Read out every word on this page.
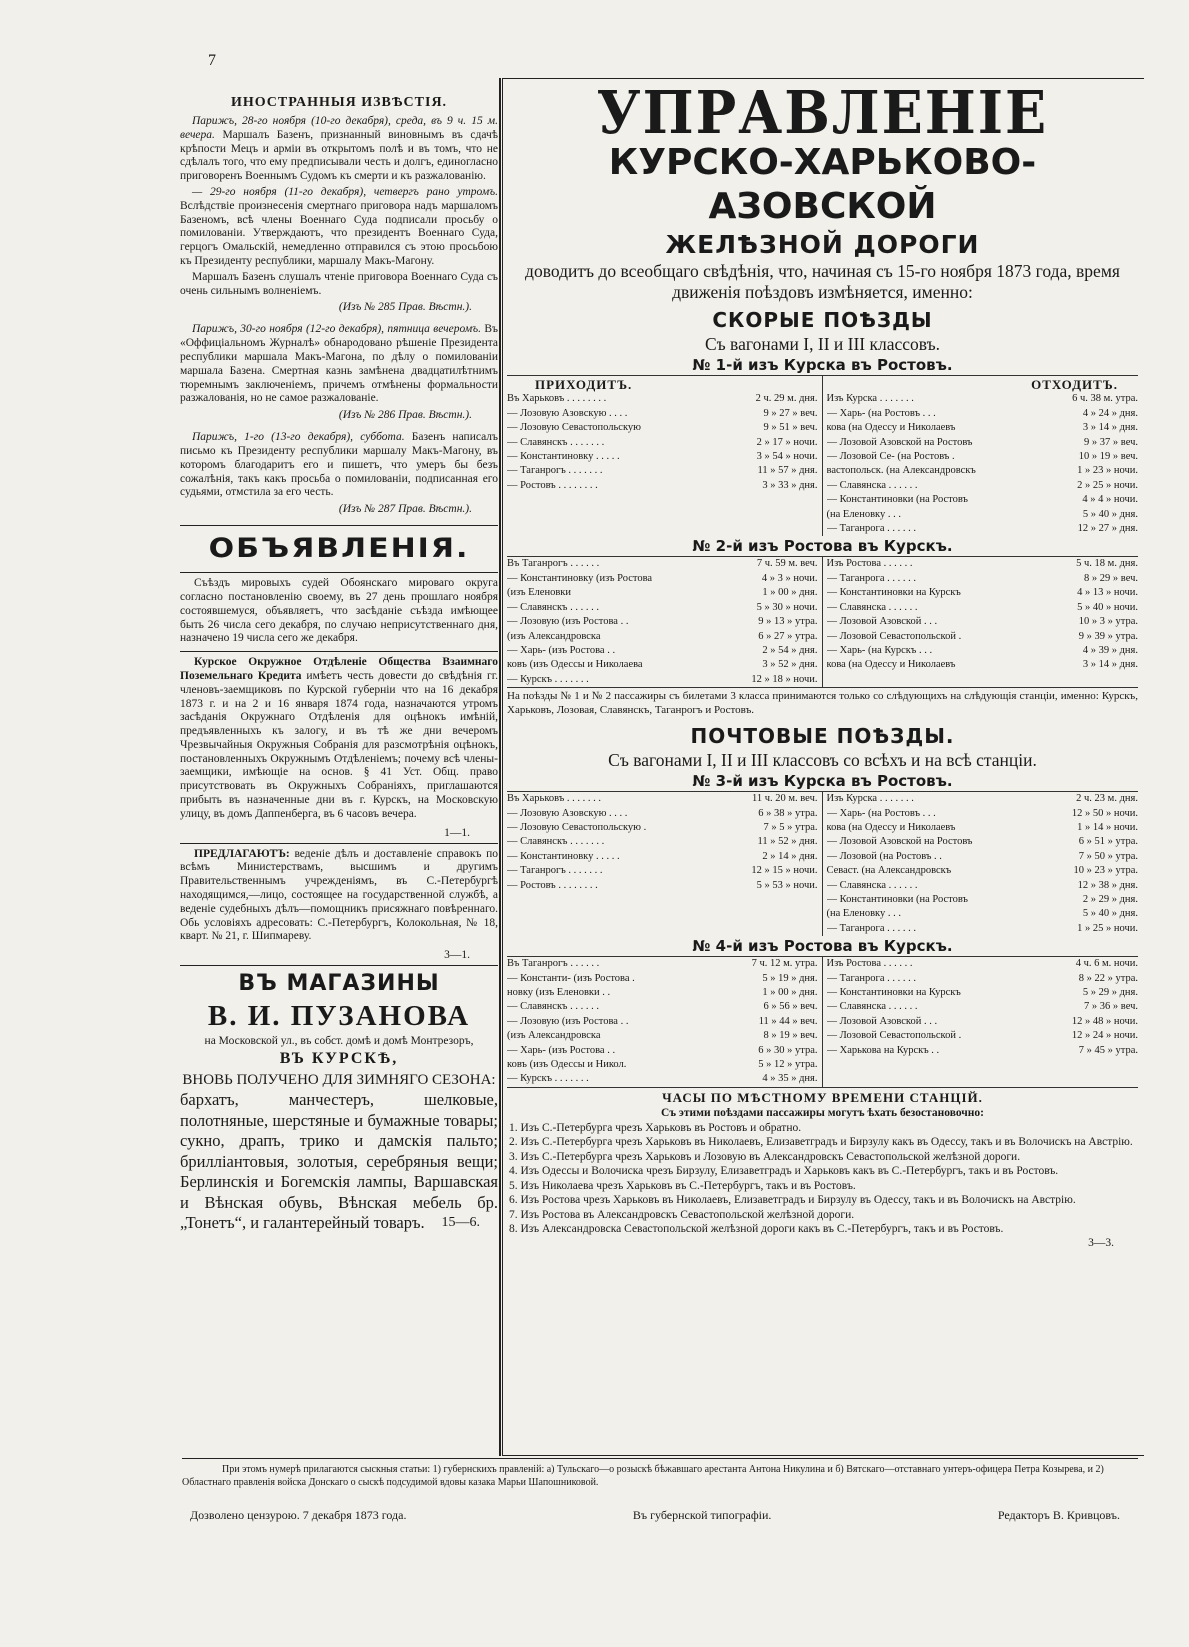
7
ИНОСТРАННЫЯ ИЗВѢСТІЯ.

Парижъ, 28-го ноября (10-го декабря), среда, въ 9 ч. 15 м. вечера. Маршалъ Базенъ, признанный виновнымъ въ сдачѣ крѣпости Мецъ и арміи въ открытомъ полѣ и въ томъ, что не сдѣлалъ того, что ему предписывали честь и долгъ, единогласно приговоренъ Военнымъ Судомъ къ смерти и къ разжалованію.

— 29-го ноября (11-го декабря), четвергъ рано утромъ. Вслѣдствіе произнесенія смертнаго приговора надъ маршаломъ Базеномъ, всѣ члены Военнаго Суда подписали просьбу о помилованіи. Утверждаютъ, что президентъ Военнаго Суда, герцогъ Омальскій, немедленно отправился съ этою просьбою къ Президенту республики, маршалу Макъ-Магону.

Маршалъ Базенъ слушалъ чтеніе приговора Военнаго Суда съ очень сильнымъ волненіемъ.

(Изъ № 285 Прав. Вѣстн.).

Парижъ, 30-го ноября (12-го декабря), пятница вечеромъ. Въ «Оффиціальномъ Журналѣ» обнародовано рѣшеніе Президента республики маршала Макъ-Магона, по дѣлу о помилованіи маршала Базена. Смертная казнь замѣнена двадцатилѣтнимъ тюремнымъ заключеніемъ, причемъ отмѣнены формальности разжалованія, но не самое разжалованіе.

(Изъ № 286 Прав. Вѣстн.).

Парижъ, 1-го (13-го декабря), суббота. Базенъ написалъ письмо къ Президенту республики маршалу Макъ-Магону, въ которомъ благодаритъ его и пишетъ, что умеръ бы безъ сожалѣнія, такъ какъ просьба о помилованіи, подписанная его судьями, отмстила за его честь.

(Изъ № 287 Прав. Вѣстн.).
ОБЪЯВЛЕНІЯ.

Съѣздъ мировыхъ судей Обоянскаго мироваго округа согласно постановленію своему, въ 27 день прошлаго ноября состоявшемуся, объявляетъ, что засѣданіе съѣзда имѣющее быть 26 числа сего декабря, по случаю неприсутственнаго дня, назначено 19 числа сего же декабря.

Курское Окружное Отдѣленіе Общества Взаимнаго Поземельнаго Кредита имѣетъ честь довести до свѣдѣнія гг. членовъ-заемщиковъ по Курской губерніи что на 16 декабря 1873 г. и на 2 и 16 января 1874 года, назначаются утромъ засѣданія Окружнаго Отдѣленія для оцѣнокъ имѣній, предъявленныхъ къ залогу, и въ тѣ же дни вечеромъ Чрезвычайныя Окружныя Собранія для разсмотрѣнія оцѣнокъ, постановленныхъ Окружнымъ Отдѣленіемъ; почему всѣ члены-заемщики, имѣющіе на основ. § 41 Уст. Общ. право присутствовать въ Окружныхъ Собраніяхъ, приглашаются прибыть въ назначенные дни въ г. Курскъ, на Московскую улицу, въ домъ Даппенберга, въ 6 часовъ вечера.

1—1.

ПРЕДЛАГАЮТЪ: веденіе дѣлъ и доставленіе справокъ по всѣмъ Министерствамъ, высшимъ и другимъ Правительственнымъ учрежденіямъ, въ С.-Петербургѣ находящимся,—лицо, состоящее на государственной службѣ, а веденіе судебныхъ дѣлъ—помощникъ присяжнаго повѣреннаго. Обь условіяхъ адресовать: С.-Петербургъ, Колокольная, № 18, кварт. № 21, г. Шипмареву.

3—1.
ВЪ МАГАЗИНЫ
В. И. ПУЗАНОВА
на Московской ул., въ собст. домѣ и домѣ Монтрезоръ,
ВЪ КУРСКѢ,
ВНОВЬ ПОЛУЧЕНО ДЛЯ ЗИМНЯГО СЕЗОНА:
бархатъ, манчестеръ, шелковые, полотняные, шерстяные и бумажные товары; сукно, драпъ, трико и дамскія пальто; брилліантовыя, золотыя, серебряныя вещи; Берлинскія и Богемскія лампы, Варшавская и Вѣнская обувь, Вѣнская мебель бр. „Тонетъ“, и галантерейный товаръ. 15—6.
УПРАВЛЕНІЕ
КУРСКО-ХАРЬКОВО-АЗОВСКОЙ
ЖЕЛѢЗНОЙ ДОРОГИ
доводитъ до всеобщаго свѣдѣнія, что, начиная съ 15-го ноября 1873 года, время движенія поѣздовъ измѣняется, именно:
СКОРЫЕ ПОѢЗДЫ
Съ вагонами I, II и III классовъ.
№ 1-й изъ Курска въ Ростовъ.
ПРИХОДИТЪ.
Въ Харьковъ . . . . . . . .	2 ч. 29 м. дня.
— Лозовую Азовскую . . . .	9 » 27 » веч.
— Лозовую Севастопольскую	9 » 51 » веч.
— Славянскъ . . . . . . .	2 » 17 » ночи.
— Константиновку . . . . .	3 » 54 » ночи.
— Таганрогъ . . . . . . .	11 » 57 » дня.
— Ростовъ . . . . . . . .	3 » 33 » дня.
ОТХОДИТЪ.
Изъ Курска . . . . . . .	6 ч. 38 м. утра.
— Харь- (на Ростовъ . . .	4 » 24 » дня.
кова (на Одессу и Николаевъ	3 » 14 » дня.
— Лозовой Азовской на Ростовъ	9 » 37 » веч.
— Лозовой Се- (на Ростовъ .	10 » 19 » веч.
вастопольск. (на Александровскъ	1 » 23 » ночи.
— Славянска . . . . . .	2 » 25 » ночи.
— Константиновки (на Ростовъ	4 » 4 » ночи.
(на Еленовку . . .	5 » 40 » дня.
— Таганрога . . . . . .	12 » 27 » дня.
№ 2-й изъ Ростова въ Курскъ.
Въ Таганрогъ . . . . . .	7 ч. 59 м. веч.
— Константиновку (изъ Ростова	4 » 3 » ночи.
(изъ Еленовки	1 » 00 » дня.
— Славянскъ . . . . . .	5 » 30 » ночи.
— Лозовую (изъ Ростова . .	9 » 13 » утра.
(изъ Александровска	6 » 27 » утра.
— Харь- (изъ Ростова . .	2 » 54 » дня.
ковъ (изъ Одессы и Николаева	3 » 52 » дня.
— Курскъ . . . . . . .	12 » 18 » ночи.
Изъ Ростова . . . . . .	5 ч. 18 м. дня.
— Таганрога . . . . . .	8 » 29 » веч.
— Константиновки на Курскъ	4 » 13 » ночи.
— Славянска . . . . . .	5 » 40 » ночи.
— Лозовой Азовской . . .	10 » 3 » утра.
— Лозовой Севастопольской .	9 » 39 » утра.
— Харь- (на Курскъ . . .	4 » 39 » дня.
кова (на Одессу и Николаевъ	3 » 14 » дня.
На поѣзды № 1 и № 2 пассажиры съ билетами 3 класса принимаются только со слѣдующихъ на слѣдующія станціи, именно: Курскъ, Харьковъ, Лозовая, Славянскъ, Таганрогъ и Ростовъ.
ПОЧТОВЫЕ ПОѢЗДЫ.
Съ вагонами I, II и III классовъ со всѣхъ и на всѣ станціи.
№ 3-й изъ Курска въ Ростовъ.
Въ Харьковъ . . . . . . .	11 ч. 20 м. веч.
— Лозовую Азовскую . . . .	6 » 38 » утра.
— Лозовую Севастопольскую .	7 » 5 » утра.
— Славянскъ . . . . . . .	11 » 52 » дня.
— Константиновку . . . . .	2 » 14 » дня.
— Таганрогъ . . . . . . .	12 » 15 » ночи.
— Ростовъ . . . . . . . .	5 » 53 » ночи.
Изъ Курска . . . . . . .	2 ч. 23 м. дня.
— Харь- (на Ростовъ . . .	12 » 50 » ночи.
кова (на Одессу и Николаевъ	1 » 14 » ночи.
— Лозовой Азовской на Ростовъ	6 » 51 » утра.
— Лозовой (на Ростовъ . .	7 » 50 » утра.
Севаст. (на Александровскъ	10 » 23 » утра.
— Славянска . . . . . .	12 » 38 » дня.
— Константиновки (на Ростовъ	2 » 29 » дня.
(на Еленовку . . .	5 » 40 » дня.
— Таганрога . . . . . .	1 » 25 » ночи.
№ 4-й изъ Ростова въ Курскъ.
Въ Таганрогъ . . . . . .	7 ч. 12 м. утра.
— Константи- (изъ Ростова .	5 » 19 » дня.
новку (изъ Еленовки . .	1 » 00 » дня.
— Славянскъ . . . . . .	6 » 56 » веч.
— Лозовую (изъ Ростова . .	11 » 44 » веч.
(изъ Александровска	8 » 19 » веч.
— Харь- (изъ Ростова . .	6 » 30 » утра.
ковъ (изъ Одессы и Никол.	5 » 12 » утра.
— Курскъ . . . . . . .	4 » 35 » дня.
Изъ Ростова . . . . . .	4 ч. 6 м. ночи.
— Таганрога . . . . . .	8 » 22 » утра.
— Константиновки на Курскъ	5 » 29 » дня.
— Славянска . . . . . .	7 » 36 » веч.
— Лозовой Азовской . . .	12 » 48 » ночи.
— Лозовой Севастопольской .	12 » 24 » ночи.
— Харькова на Курскъ . .	7 » 45 » утра.
ЧАСЫ ПО МѢСТНОМУ ВРЕМЕНИ СТАНЦІЙ.
Съ этими поѣздами пассажиры могутъ ѣхать безостановочно:
1. Изъ С.-Петербурга чрезъ Харьковъ въ Ростовъ и обратно.
2. Изъ С.-Петербурга чрезъ Харьковъ въ Николаевъ, Елизаветградъ и Бирзулу какъ въ Одессу, такъ и въ Волочискъ на Австрію.
3. Изъ С.-Петербурга чрезъ Харьковъ и Лозовую въ Александровскъ Севастопольской желѣзной дороги.
4. Изъ Одессы и Волочиска чрезъ Бирзулу, Елизаветградъ и Харьковъ какъ въ С.-Петербургъ, такъ и въ Ростовъ.
5. Изъ Николаева чрезъ Харьковъ въ С.-Петербургъ, такъ и въ Ростовъ.
6. Изъ Ростова чрезъ Харьковъ въ Николаевъ, Елизаветградъ и Бирзулу въ Одессу, такъ и въ Волочискъ на Австрію.
7. Изъ Ростова въ Александровскъ Севастопольской желѣзной дороги.
8. Изъ Александровска Севастопольской желѣзной дороги какъ въ С.-Петербургъ, такъ и въ Ростовъ.
3—3.
При этомъ нумерѣ прилагаются сыскныя статьи: 1) губернскихъ правленій: а) Тульскаго—о розыскѣ бѣжавшаго арестанта Антона Никулина и б) Вятскаго—отставнаго унтеръ-офицера Петра Козырева, и 2) Областнаго правленія войска Донскаго о сыскѣ подсудимой вдовы казака Марьи Шапошниковой.
Дозволено цензурою. 7 декабря 1873 года.	Въ губернской типографіи.	Редакторъ В. Кривцовъ.
